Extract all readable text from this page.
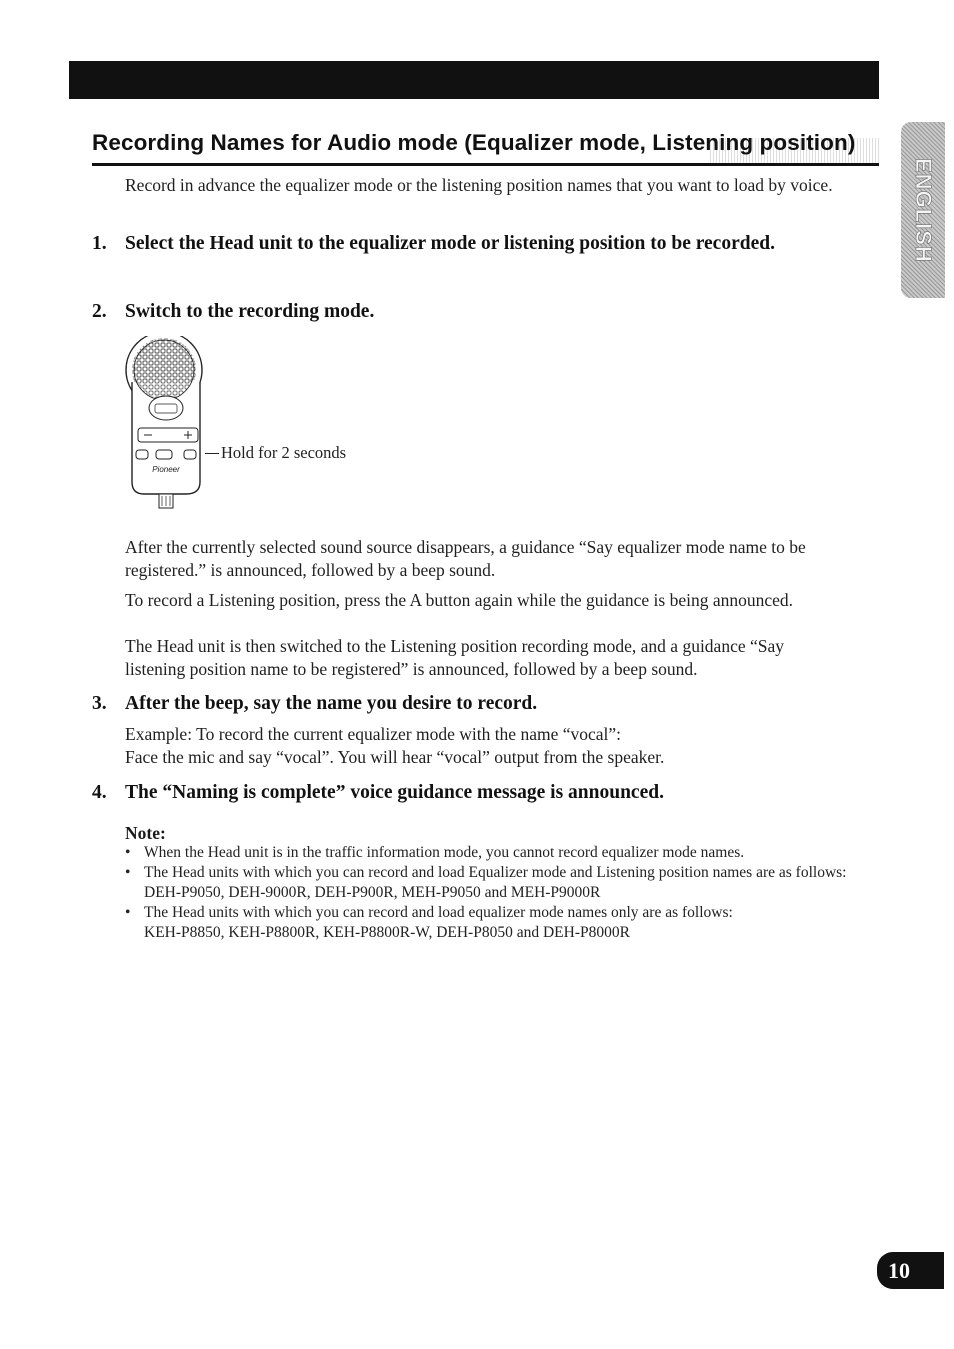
Recording Names for Audio mode (Equalizer mode, Listening position)
ENGLISH

Record in advance the equalizer mode or the listening position names that you want to load by voice.

1. Select the Head unit to the equalizer mode or listening position to be recorded.
2. Switch to the recording mode.
Pioneer
Hold for 2 seconds

After the currently selected sound source disappears, a guidance “Say equalizer mode name to be registered.” is announced, followed by a beep sound.

To record a Listening position, press the A button again while the guidance is being announced.

The Head unit is then switched to the Listening position recording mode, and a guidance “Say listening position name to be registered” is announced, followed by a beep sound.

3. After the beep, say the name you desire to record.

Example: To record the current equalizer mode with the name “vocal”:

Face the mic and say “vocal”. You will hear “vocal” output from the speaker.

4. The “Naming is complete” voice guidance message is announced.

Note:

• When the Head unit is in the traffic information mode, you cannot record equalizer mode names.
• The Head units with which you can record and load Equalizer mode and Listening position names are as follows:
DEH-P9050, DEH-9000R, DEH-P900R, MEH-P9050 and MEH-P9000R
• The Head units with which you can record and load equalizer mode names only are as follows:
KEH-P8850, KEH-P8800R, KEH-P8800R-W, DEH-P8050 and DEH-P8000R
10
